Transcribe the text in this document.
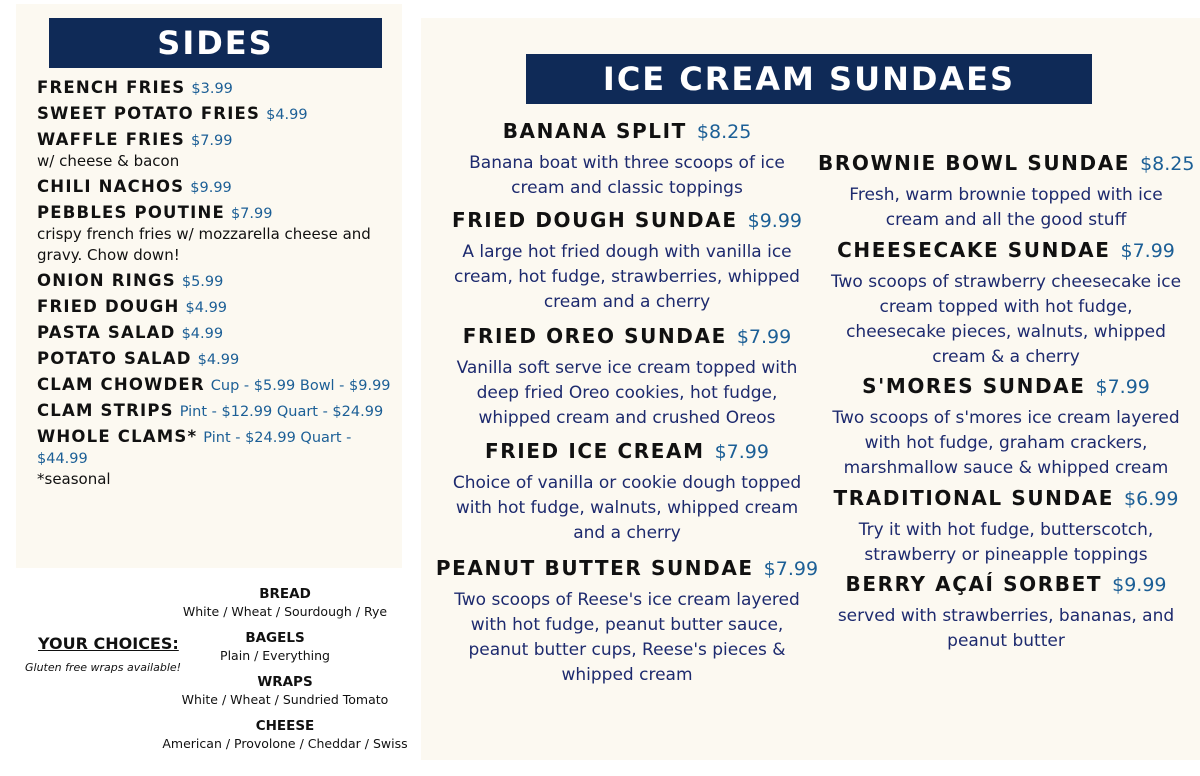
SIDES
ICE CREAM SUNDAES
FRENCH FRIES $3.99
SWEET POTATO FRIES $4.99
WAFFLE FRIES $7.99
w/ cheese & bacon
CHILI NACHOS $9.99
PEBBLES POUTINE $7.99
crispy french fries w/ mozzarella cheese and gravy. Chow down!
ONION RINGS $5.99
FRIED DOUGH $4.99
PASTA SALAD $4.99
POTATO SALAD $4.99
CLAM CHOWDER Cup - $5.99 Bowl - $9.99
CLAM STRIPS Pint - $12.99 Quart - $24.99
WHOLE CLAMS* Pint - $24.99 Quart - $44.99
*seasonal
YOUR CHOICES:
Gluten free wraps available!
BREAD
White / Wheat / Sourdough / Rye
BAGELS
Plain / Everything
WRAPS
White / Wheat / Sundried Tomato
CHEESE
American / Provolone / Cheddar / Swiss
BANANA SPLIT $8.25
Banana boat with three scoops of ice cream and classic toppings
FRIED DOUGH SUNDAE $9.99
A large hot fried dough with vanilla ice cream, hot fudge, strawberries, whipped cream and a cherry
FRIED OREO SUNDAE $7.99
Vanilla soft serve ice cream topped with deep fried Oreo cookies, hot fudge, whipped cream and crushed Oreos
FRIED ICE CREAM $7.99
Choice of vanilla or cookie dough topped with hot fudge, walnuts, whipped cream and a cherry
PEANUT BUTTER SUNDAE $7.99
Two scoops of Reese's ice cream layered with hot fudge, peanut butter sauce, peanut butter cups, Reese's pieces & whipped cream
BROWNIE BOWL SUNDAE $8.25
Fresh, warm brownie topped with ice cream and all the good stuff
CHEESECAKE SUNDAE $7.99
Two scoops of strawberry cheesecake ice cream topped with hot fudge, cheesecake pieces, walnuts, whipped cream & a cherry
S'MORES SUNDAE $7.99
Two scoops of s'mores ice cream layered with hot fudge, graham crackers, marshmallow sauce & whipped cream
TRADITIONAL SUNDAE $6.99
Try it with hot fudge, butterscotch, strawberry or pineapple toppings
BERRY AÇAÍ SORBET $9.99
served with strawberries, bananas, and peanut butter
